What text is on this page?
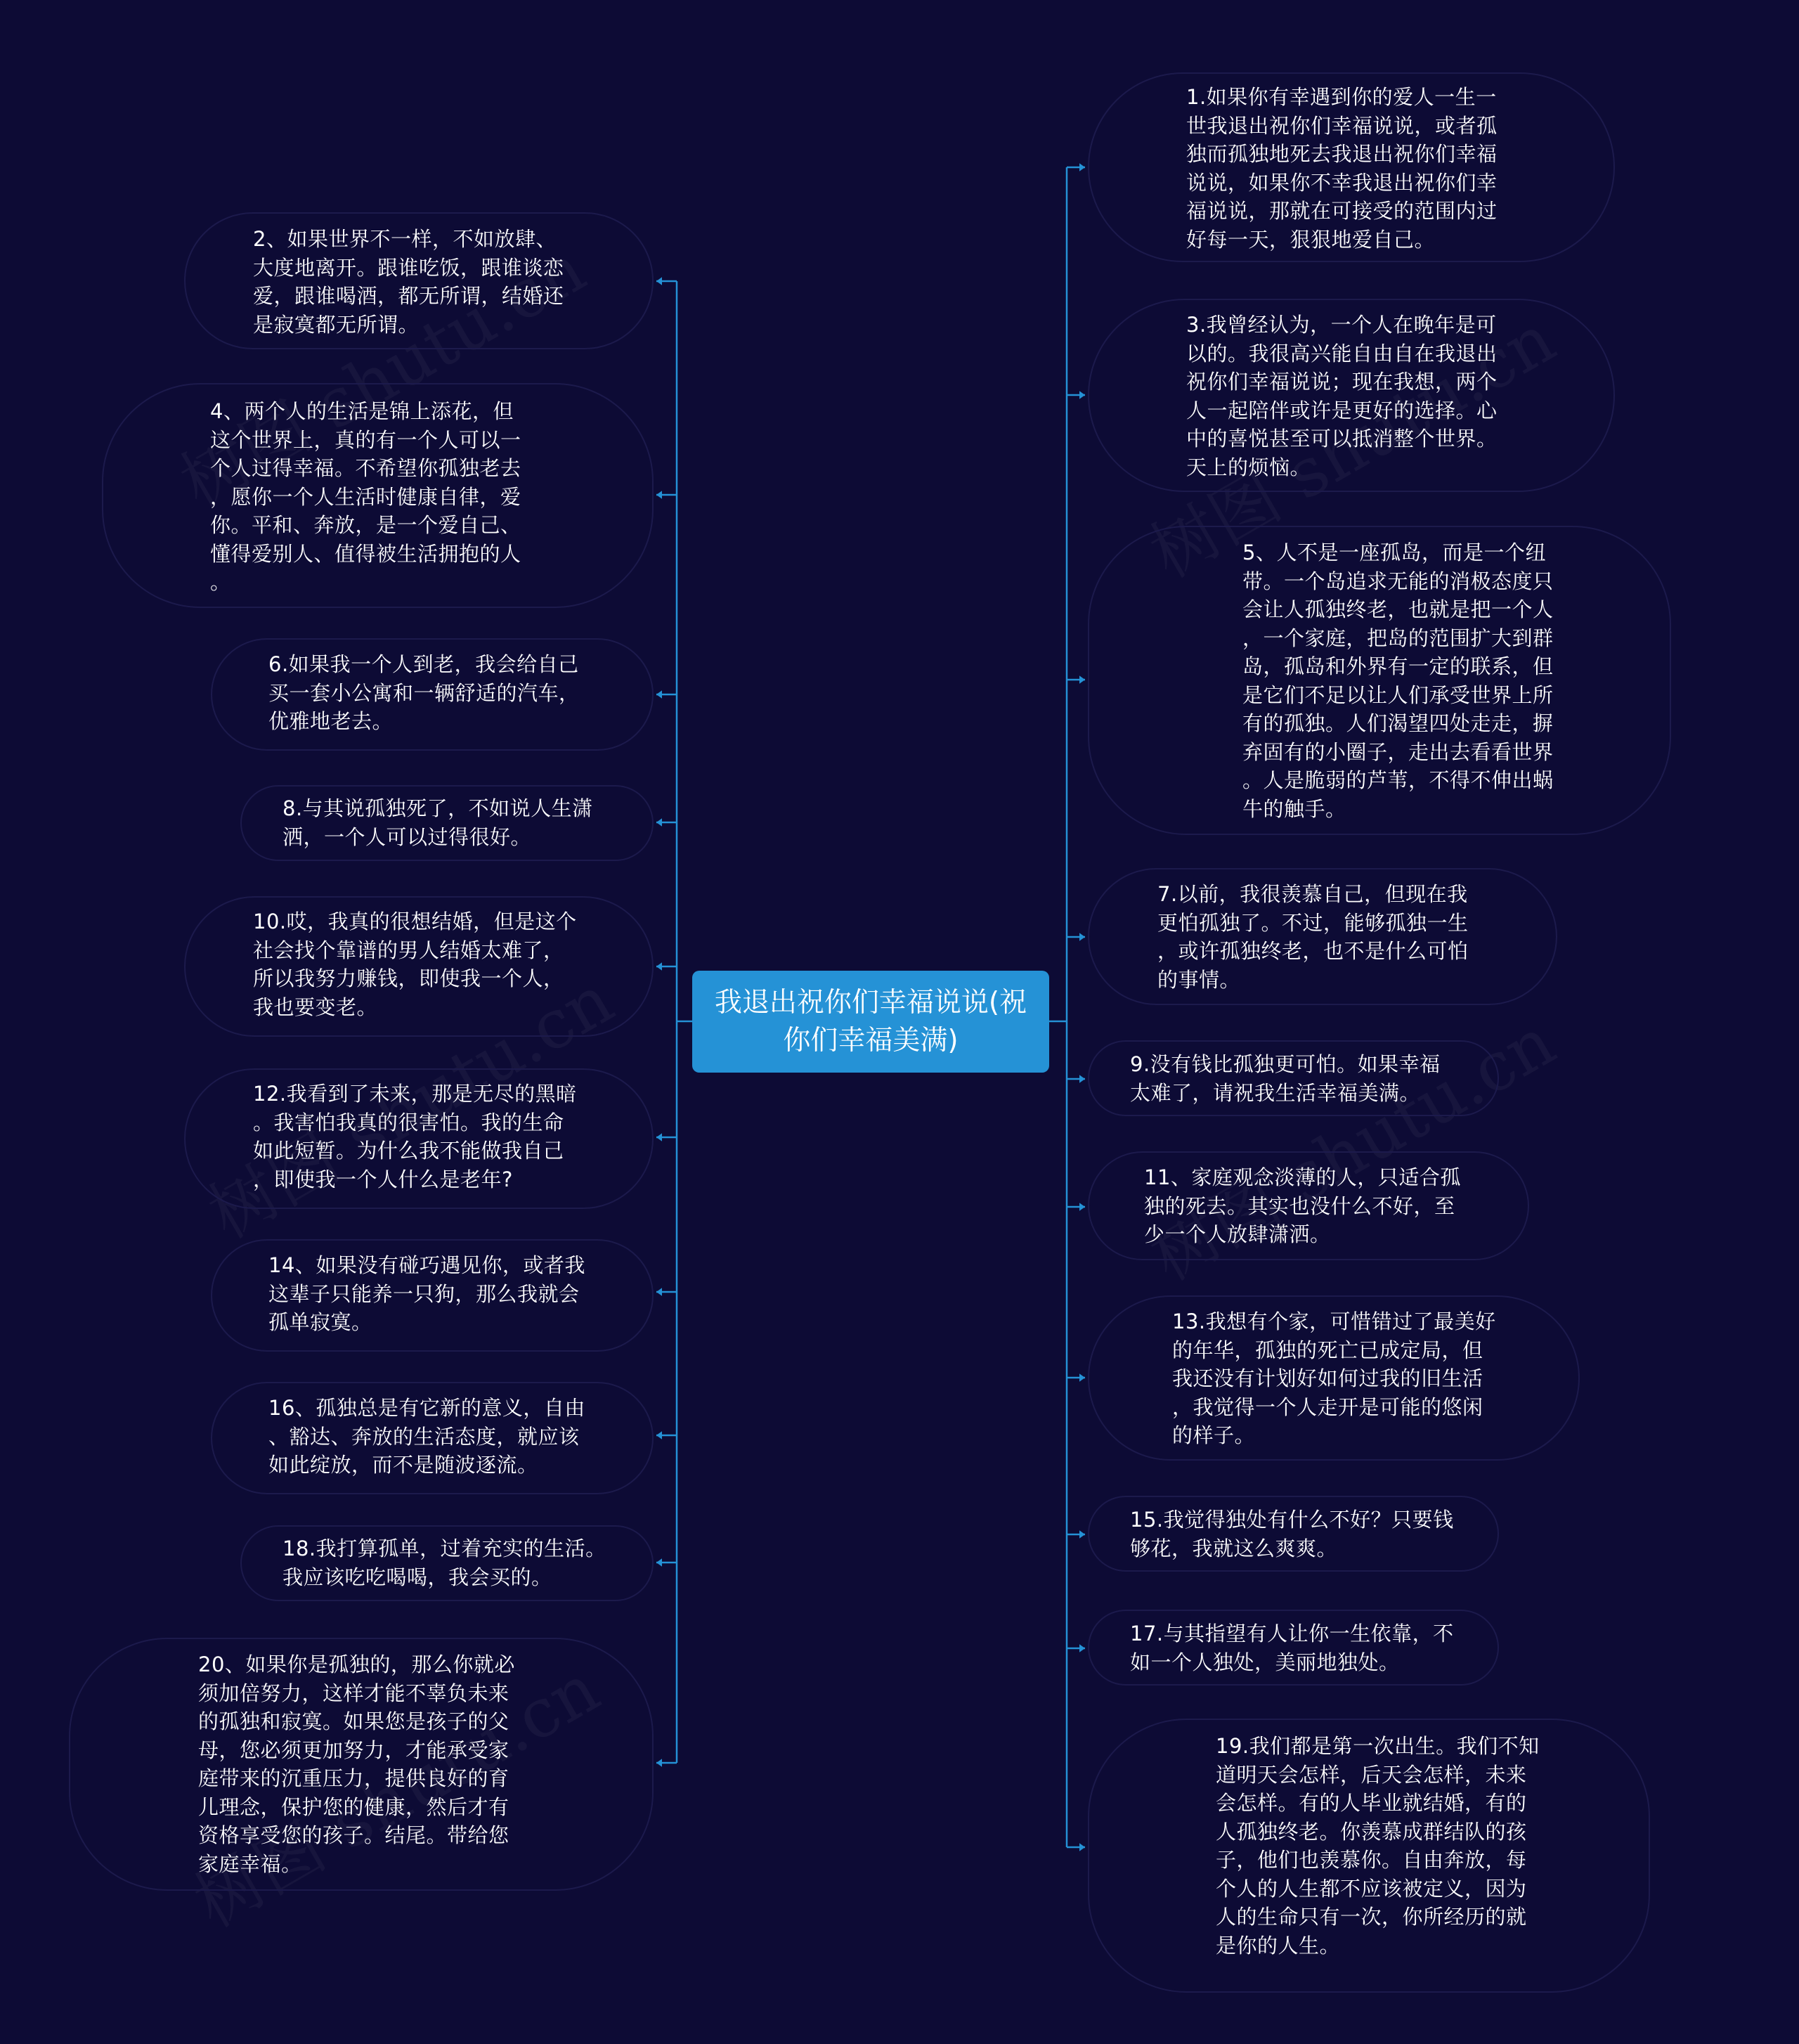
我退出祝你们幸福说说(祝
你们幸福美满)
2、如果世界不一样，不如放肆、
大度地离开。跟谁吃饭，跟谁谈恋
爱，跟谁喝酒，都无所谓，结婚还
是寂寞都无所谓。
4、两个人的生活是锦上添花，但
这个世界上，真的有一个人可以一
个人过得幸福。不希望你孤独老去
，愿你一个人生活时健康自律，爱
你。平和、奔放，是一个爱自己、
懂得爱别人、值得被生活拥抱的人
。
6.如果我一个人到老，我会给自己
买一套小公寓和一辆舒适的汽车，
优雅地老去。
8.与其说孤独死了，不如说人生潇
洒，一个人可以过得很好。
10.哎，我真的很想结婚，但是这个
社会找个靠谱的男人结婚太难了，
所以我努力赚钱，即使我一个人，
我也要变老。
12.我看到了未来，那是无尽的黑暗
。我害怕我真的很害怕。我的生命
如此短暂。为什么我不能做我自己
，即使我一个人什么是老年?
14、如果没有碰巧遇见你，或者我
这辈子只能养一只狗，那么我就会
孤单寂寞。
16、孤独总是有它新的意义，自由
、豁达、奔放的生活态度，就应该
如此绽放，而不是随波逐流。
18.我打算孤单，过着充实的生活。
我应该吃吃喝喝，我会买的。
20、如果你是孤独的，那么你就必
须加倍努力，这样才能不辜负未来
的孤独和寂寞。如果您是孩子的父
母，您必须更加努力，才能承受家
庭带来的沉重压力，提供良好的育
儿理念，保护您的健康，然后才有
资格享受您的孩子。结尾。带给您
家庭幸福。
1.如果你有幸遇到你的爱人一生一
世我退出祝你们幸福说说，或者孤
独而孤独地死去我退出祝你们幸福
说说，如果你不幸我退出祝你们幸
福说说，那就在可接受的范围内过
好每一天，狠狠地爱自己。
3.我曾经认为，一个人在晚年是可
以的。我很高兴能自由自在我退出
祝你们幸福说说；现在我想，两个
人一起陪伴或许是更好的选择。心
中的喜悦甚至可以抵消整个世界。
天上的烦恼。
5、人不是一座孤岛，而是一个纽
带。一个岛追求无能的消极态度只
会让人孤独终老，也就是把一个人
，一个家庭，把岛的范围扩大到群
岛，孤岛和外界有一定的联系，但
是它们不足以让人们承受世界上所
有的孤独。人们渴望四处走走，摒
弃固有的小圈子，走出去看看世界
。人是脆弱的芦苇，不得不伸出蜗
牛的触手。
7.以前，我很羡慕自己，但现在我
更怕孤独了。不过，能够孤独一生
，或许孤独终老，也不是什么可怕
的事情。
9.没有钱比孤独更可怕。如果幸福
太难了，请祝我生活幸福美满。
11、家庭观念淡薄的人，只适合孤
独的死去。其实也没什么不好，至
少一个人放肆潇洒。
13.我想有个家，可惜错过了最美好
的年华，孤独的死亡已成定局，但
我还没有计划好如何过我的旧生活
，我觉得一个人走开是可能的悠闲
的样子。
15.我觉得独处有什么不好？只要钱
够花，我就这么爽爽。
17.与其指望有人让你一生依靠，不
如一个人独处，美丽地独处。
19.我们都是第一次出生。我们不知
道明天会怎样，后天会怎样，未来
会怎样。有的人毕业就结婚，有的
人孤独终老。你羡慕成群结队的孩
子，他们也羡慕你。自由奔放，每
个人的人生都不应该被定义，因为
人的生命只有一次，你所经历的就
是你的人生。
